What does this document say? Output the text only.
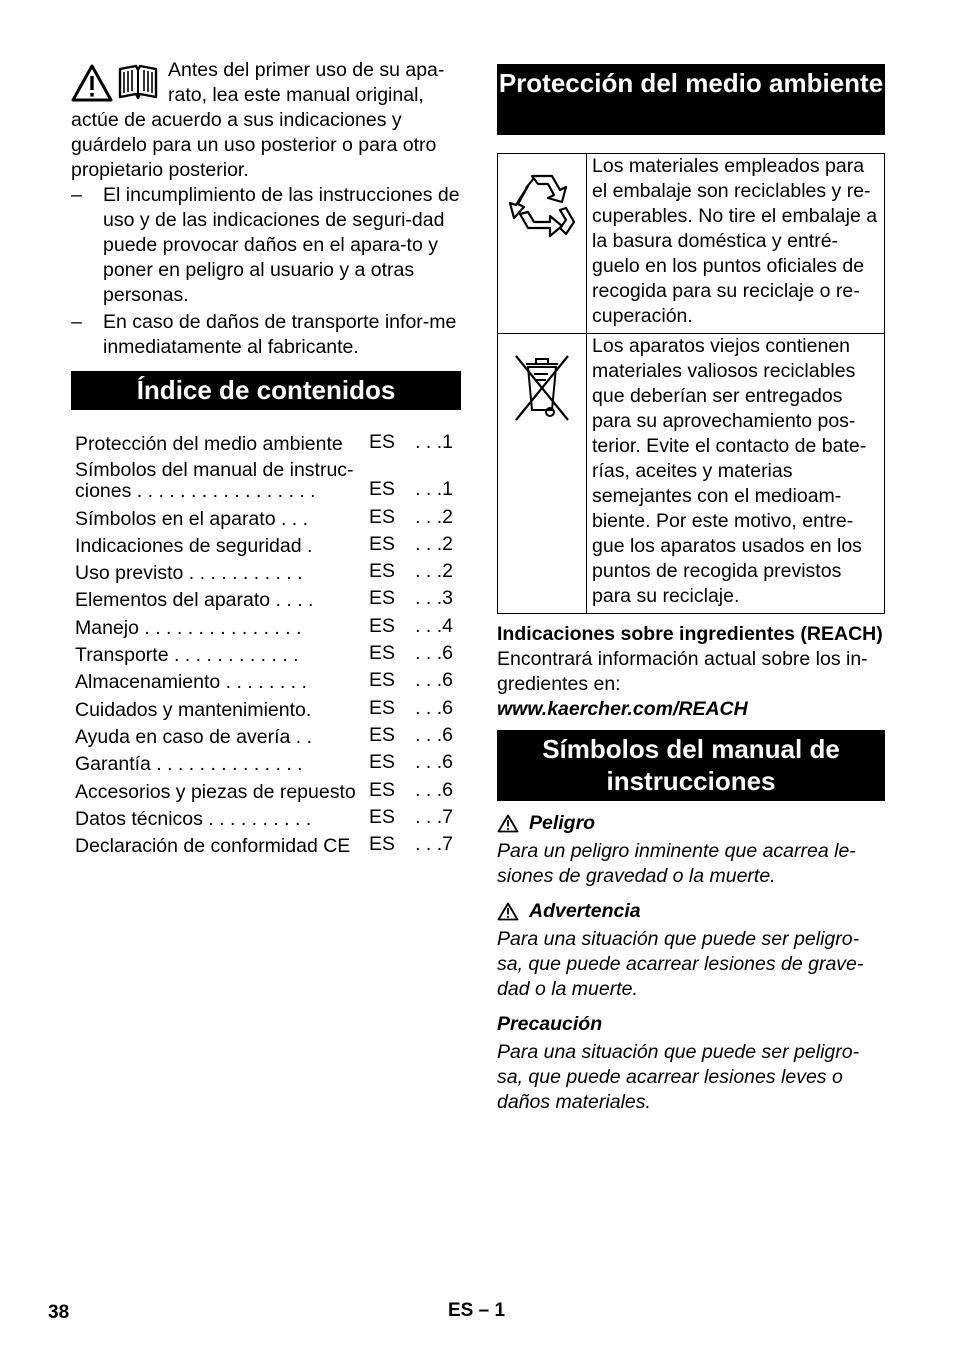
Antes del primer uso de su apa-

rato, lea este manual original,

actúe de acuerdo a sus indicaciones y guárdelo para un uso posterior o para otro propietario posterior.

– El incumplimiento de las instrucciones de uso y de las indicaciones de seguri-dad puede provocar daños en el apara-to y poner en peligro al usuario y a otras personas.
– En caso de daños de transporte infor-me inmediatamente al fabricante.
Índice de contenidos
Protección del medio ambiente	ES	. . .1
Símbolos del manual de instruc-ciones . . . . . . . . . . . . . . . . .	ES	. . .1
Símbolos en el aparato . . .	ES	. . .2
Indicaciones de seguridad .	ES	. . .2
Uso previsto . . . . . . . . . . .	ES	. . .2
Elementos del aparato . . . .	ES	. . .3
Manejo . . . . . . . . . . . . . . .	ES	. . .4
Transporte . . . . . . . . . . . .	ES	. . .6
Almacenamiento . . . . . . . .	ES	. . .6
Cuidados y mantenimiento.	ES	. . .6
Ayuda en caso de avería . .	ES	. . .6
Garantía . . . . . . . . . . . . . .	ES	. . .6
Accesorios y piezas de repuesto ES	. . .6
Datos técnicos . . . . . . . . . .	ES	. . .7
Declaración de conformidad CE ES	. . .7
Protección del medio ambiente
	Los materiales empleados para el embalaje son reciclables y re-cuperables. No tire el embalaje a la basura doméstica y entré-guelo en los puntos oficiales de recogida para su reciclaje o re-cuperación.

	Los aparatos viejos contienen materiales valiosos reciclables que deberían ser entregados para su aprovechamiento pos-terior. Evite el contacto de bate-rías, aceites y materias semejantes con el medioam-biente. Por este motivo, entre-gue los aparatos usados en los puntos de recogida previstos para su reciclaje.

Indicaciones sobre ingredientes (REACH)

Encontrará información actual sobre los in-gredientes en:

www.kaercher.com/REACH

Símbolos del manual de instrucciones
Peligro

Para un peligro inminente que acarrea le-siones de gravedad o la muerte.

Advertencia

Para una situación que puede ser peligro-sa, que puede acarrear lesiones de grave-dad o la muerte.

Precaución

Para una situación que puede ser peligro-sa, que puede acarrear lesiones leves o daños materiales.

38	ES – 1
